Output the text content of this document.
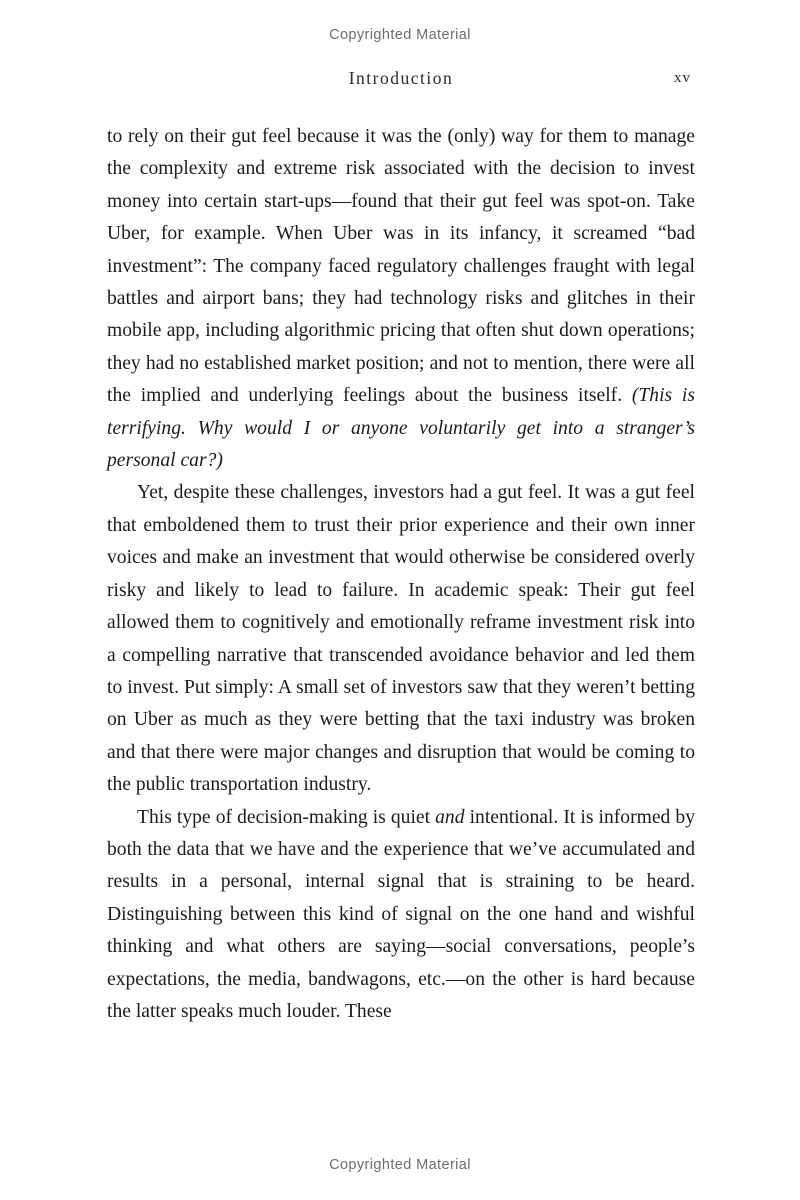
Copyrighted Material
Introduction	xv

to rely on their gut feel because it was the (only) way for them to manage the complexity and extreme risk associated with the decision to invest money into certain start-ups—found that their gut feel was spot-on. Take Uber, for example. When Uber was in its infancy, it screamed “bad investment”: The company faced regulatory challenges fraught with legal battles and airport bans; they had technology risks and glitches in their mobile app, including algorithmic pricing that often shut down operations; they had no established market position; and not to mention, there were all the implied and underlying feelings about the business itself. (This is terrifying. Why would I or anyone voluntarily get into a stranger’s personal car?)

Yet, despite these challenges, investors had a gut feel. It was a gut feel that emboldened them to trust their prior experience and their own inner voices and make an investment that would otherwise be considered overly risky and likely to lead to failure. In academic speak: Their gut feel allowed them to cognitively and emotionally reframe investment risk into a compelling narrative that transcended avoidance behavior and led them to invest. Put simply: A small set of investors saw that they weren’t betting on Uber as much as they were betting that the taxi industry was broken and that there were major changes and disruption that would be coming to the public transportation industry.

This type of decision-making is quiet and intentional. It is informed by both the data that we have and the experience that we’ve accumulated and results in a personal, internal signal that is straining to be heard. Distinguishing between this kind of signal on the one hand and wishful thinking and what others are saying—social conversations, people’s expectations, the media, bandwagons, etc.—on the other is hard because the latter speaks much louder. These

Copyrighted Material
